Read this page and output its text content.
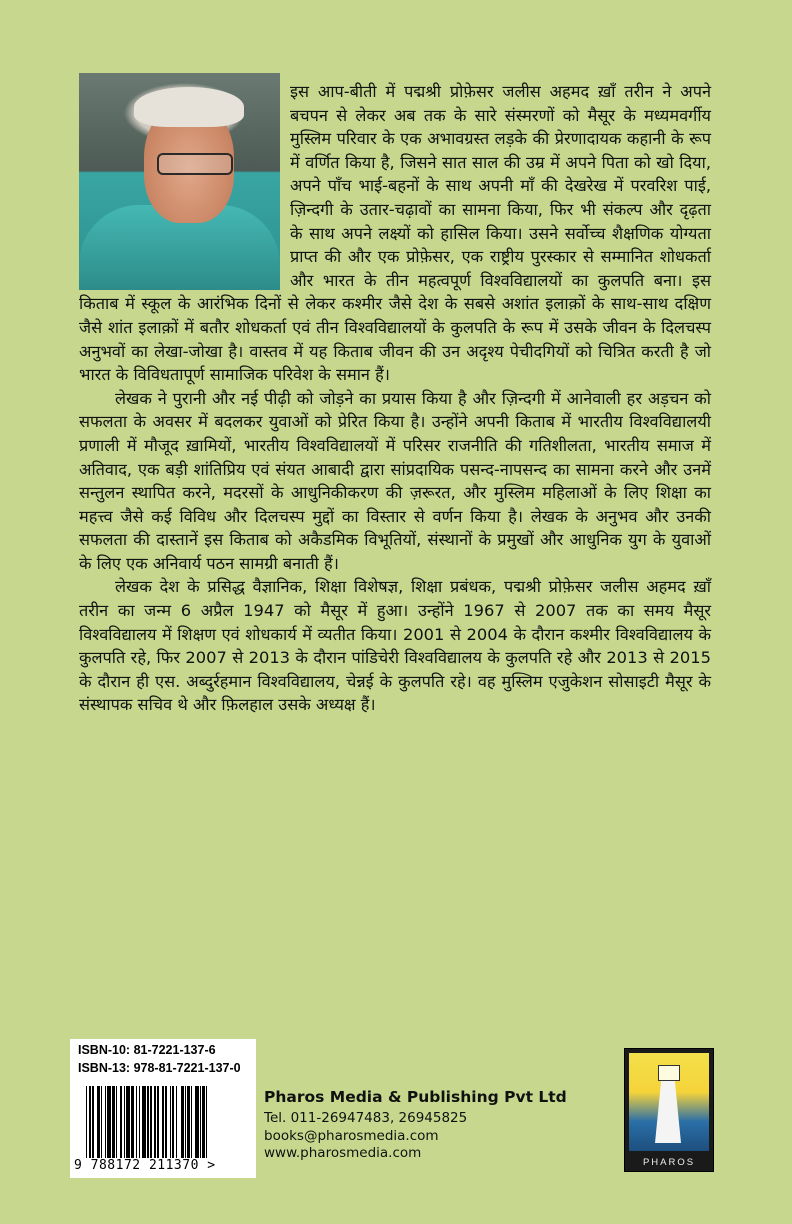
इस आप-बीती में पद्मश्री प्रोफ़ेसर जलीस अहमद ख़ाँ तरीन ने अपने बचपन से लेकर अब तक के सारे संस्मरणों को मैसूर के मध्यमवर्गीय मुस्लिम परिवार के एक अभावग्रस्त लड़के की प्रेरणादायक कहानी के रूप में वर्णित किया है, जिसने सात साल की उम्र में अपने पिता को खो दिया, अपने पाँच भाई-बहनों के साथ अपनी माँ की देखरेख में परवरिश पाई, ज़िन्दगी के उतार-चढ़ावों का सामना किया, फिर भी संकल्प और दृढ़ता के साथ अपने लक्ष्यों को हासिल किया। उसने सर्वोच्च शैक्षणिक योग्यता प्राप्त की और एक प्रोफ़ेसर, एक राष्ट्रीय पुरस्कार से सम्मानित शोधकर्ता और भारत के तीन महत्वपूर्ण विश्वविद्यालयों का कुलपति बना। इस किताब में स्कूल के आरंभिक दिनों से लेकर कश्मीर जैसे देश के सबसे अशांत इलाक़ों के साथ-साथ दक्षिण जैसे शांत इलाक़ों में बतौर शोधकर्ता एवं तीन विश्वविद्यालयों के कुलपति के रूप में उसके जीवन के दिलचस्प अनुभवों का लेखा-जोखा है। वास्तव में यह किताब जीवन की उन अदृश्य पेचीदगियों को चित्रित करती है जो भारत के विविधतापूर्ण सामाजिक परिवेश के समान हैं।

लेखक ने पुरानी और नई पीढ़ी को जोड़ने का प्रयास किया है और ज़िन्दगी में आनेवाली हर अड़चन को सफलता के अवसर में बदलकर युवाओं को प्रेरित किया है। उन्होंने अपनी किताब में भारतीय विश्वविद्यालयी प्रणाली में मौजूद ख़ामियों, भारतीय विश्वविद्यालयों में परिसर राजनीति की गतिशीलता, भारतीय समाज में अतिवाद, एक बड़ी शांतिप्रिय एवं संयत आबादी द्वारा सांप्रदायिक पसन्द-नापसन्द का सामना करने और उनमें सन्तुलन स्थापित करने, मदरसों के आधुनिकीकरण की ज़रूरत, और मुस्लिम महिलाओं के लिए शिक्षा का महत्त्व जैसे कई विविध और दिलचस्प मुद्दों का विस्तार से वर्णन किया है। लेखक के अनुभव और उनकी सफलता की दास्तानें इस किताब को अकैडमिक विभूतियों, संस्थानों के प्रमुखों और आधुनिक युग के युवाओं के लिए एक अनिवार्य पठन सामग्री बनाती हैं।

लेखक देश के प्रसिद्ध वैज्ञानिक, शिक्षा विशेषज्ञ, शिक्षा प्रबंधक, पद्मश्री प्रोफ़ेसर जलीस अहमद ख़ाँ तरीन का जन्म 6 अप्रैल 1947 को मैसूर में हुआ। उन्होंने 1967 से 2007 तक का समय मैसूर विश्वविद्यालय में शिक्षण एवं शोधकार्य में व्यतीत किया। 2001 से 2004 के दौरान कश्मीर विश्वविद्यालय के कुलपति रहे, फिर 2007 से 2013 के दौरान पांडिचेरी विश्वविद्यालय के कुलपति रहे और 2013 से 2015 के दौरान ही एस. अब्दुर्रहमान विश्वविद्यालय, चेन्नई के कुलपति रहे। वह मुस्लिम एजुकेशन सोसाइटी मैसूर के संस्थापक सचिव थे और फ़िलहाल उसके अध्यक्ष हैं।

ISBN-10: 81-7221-137-6
ISBN-13: 978-81-7221-137-0
9 788172 211370 >
Pharos Media & Publishing Pvt Ltd
Tel. 011-26947483, 26945825
books@pharosmedia.com
www.pharosmedia.com
PHAROS
